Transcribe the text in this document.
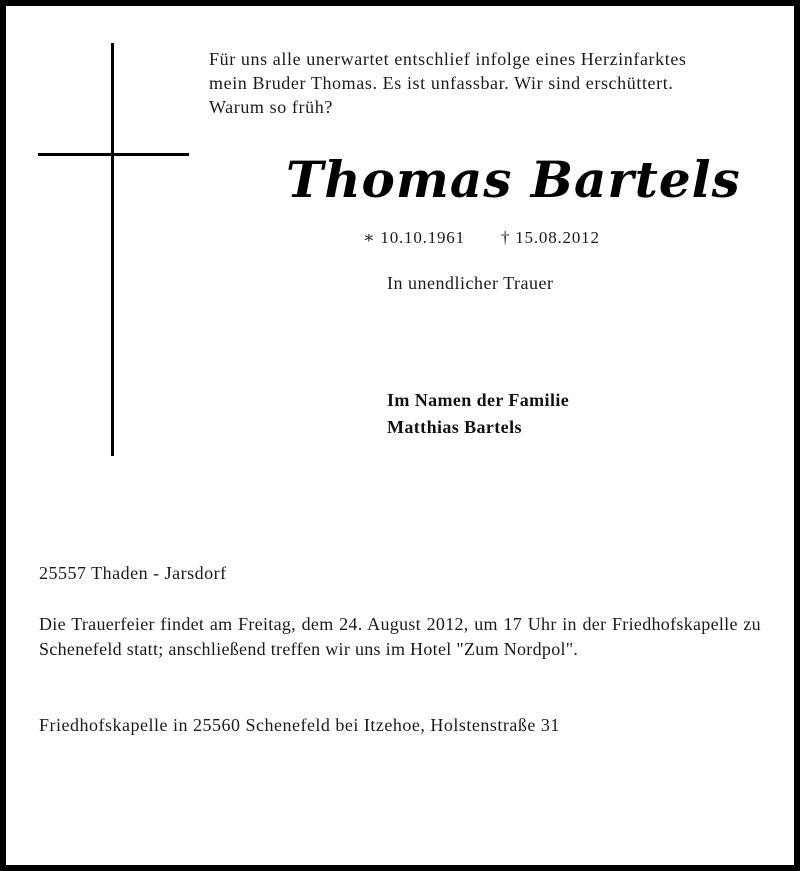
Für uns alle unerwartet entschlief infolge eines Herzinfarktes
mein Bruder Thomas. Es ist unfassbar. Wir sind erschüttert.
Warum so früh?
Thomas Bartels
∗ 10.10.1961 † 15.08.2012
In unendlicher Trauer
Im Namen der Familie
Matthias Bartels
25557 Thaden - Jarsdorf
Die Trauerfeier findet am Freitag, dem 24. August 2012, um 17 Uhr in der Friedhofskapelle zu Schenefeld statt; anschließend treffen wir uns im Hotel "Zum Nordpol".
Friedhofskapelle in 25560 Schenefeld bei Itzehoe, Holstenstraße 31
